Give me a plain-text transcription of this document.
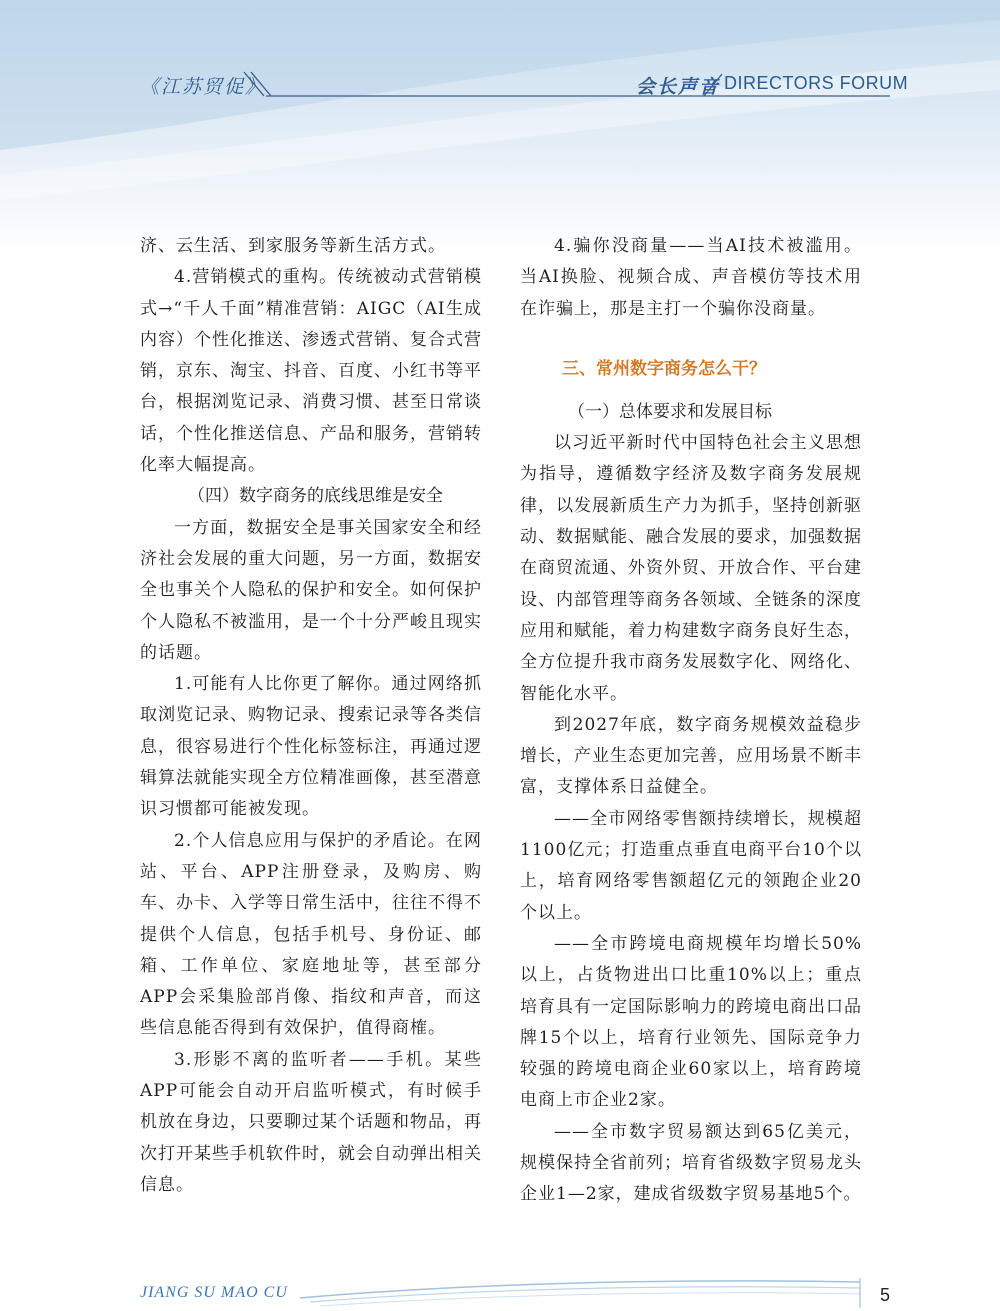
《江苏贸促》	会长声音 DIRECTORS FORUM

济、云生活、到家服务等新生活方式。

4.营销模式的重构。传统被动式营销模式→“千人千面”精准营销：AIGC（AI生成内容）个性化推送、渗透式营销、复合式营销，京东、淘宝、抖音、百度、小红书等平台，根据浏览记录、消费习惯、甚至日常谈话，个性化推送信息、产品和服务，营销转化率大幅提高。

（四）数字商务的底线思维是安全

一方面，数据安全是事关国家安全和经济社会发展的重大问题，另一方面，数据安全也事关个人隐私的保护和安全。如何保护个人隐私不被滥用，是一个十分严峻且现实的话题。

1.可能有人比你更了解你。通过网络抓取浏览记录、购物记录、搜索记录等各类信息，很容易进行个性化标签标注，再通过逻辑算法就能实现全方位精准画像，甚至潜意识习惯都可能被发现。

2.个人信息应用与保护的矛盾论。在网站、平台、APP注册登录，及购房、购车、办卡、入学等日常生活中，往往不得不提供个人信息，包括手机号、身份证、邮箱、工作单位、家庭地址等，甚至部分APP会采集脸部肖像、指纹和声音，而这些信息能否得到有效保护，值得商榷。

3.形影不离的监听者——手机。某些APP可能会自动开启监听模式，有时候手机放在身边，只要聊过某个话题和物品，再次打开某些手机软件时，就会自动弹出相关信息。

4.骗你没商量——当AI技术被滥用。当AI换脸、视频合成、声音模仿等技术用在诈骗上，那是主打一个骗你没商量。

三、常州数字商务怎么干？
（一）总体要求和发展目标

以习近平新时代中国特色社会主义思想为指导，遵循数字经济及数字商务发展规律，以发展新质生产力为抓手，坚持创新驱动、数据赋能、融合发展的要求，加强数据在商贸流通、外资外贸、开放合作、平台建设、内部管理等商务各领域、全链条的深度应用和赋能，着力构建数字商务良好生态，全方位提升我市商务发展数字化、网络化、智能化水平。

到2027年底，数字商务规模效益稳步增长，产业生态更加完善，应用场景不断丰富，支撑体系日益健全。

——全市网络零售额持续增长，规模超1100亿元；打造重点垂直电商平台10个以上，培育网络零售额超亿元的领跑企业20个以上。

——全市跨境电商规模年均增长50%以上，占货物进出口比重10%以上；重点培育具有一定国际影响力的跨境电商出口品牌15个以上，培育行业领先、国际竞争力较强的跨境电商企业60家以上，培育跨境电商上市企业2家。

——全市数字贸易额达到65亿美元，规模保持全省前列；培育省级数字贸易龙头企业1—2家，建成省级数字贸易基地5个。

JIANG SU MAO CU	5
